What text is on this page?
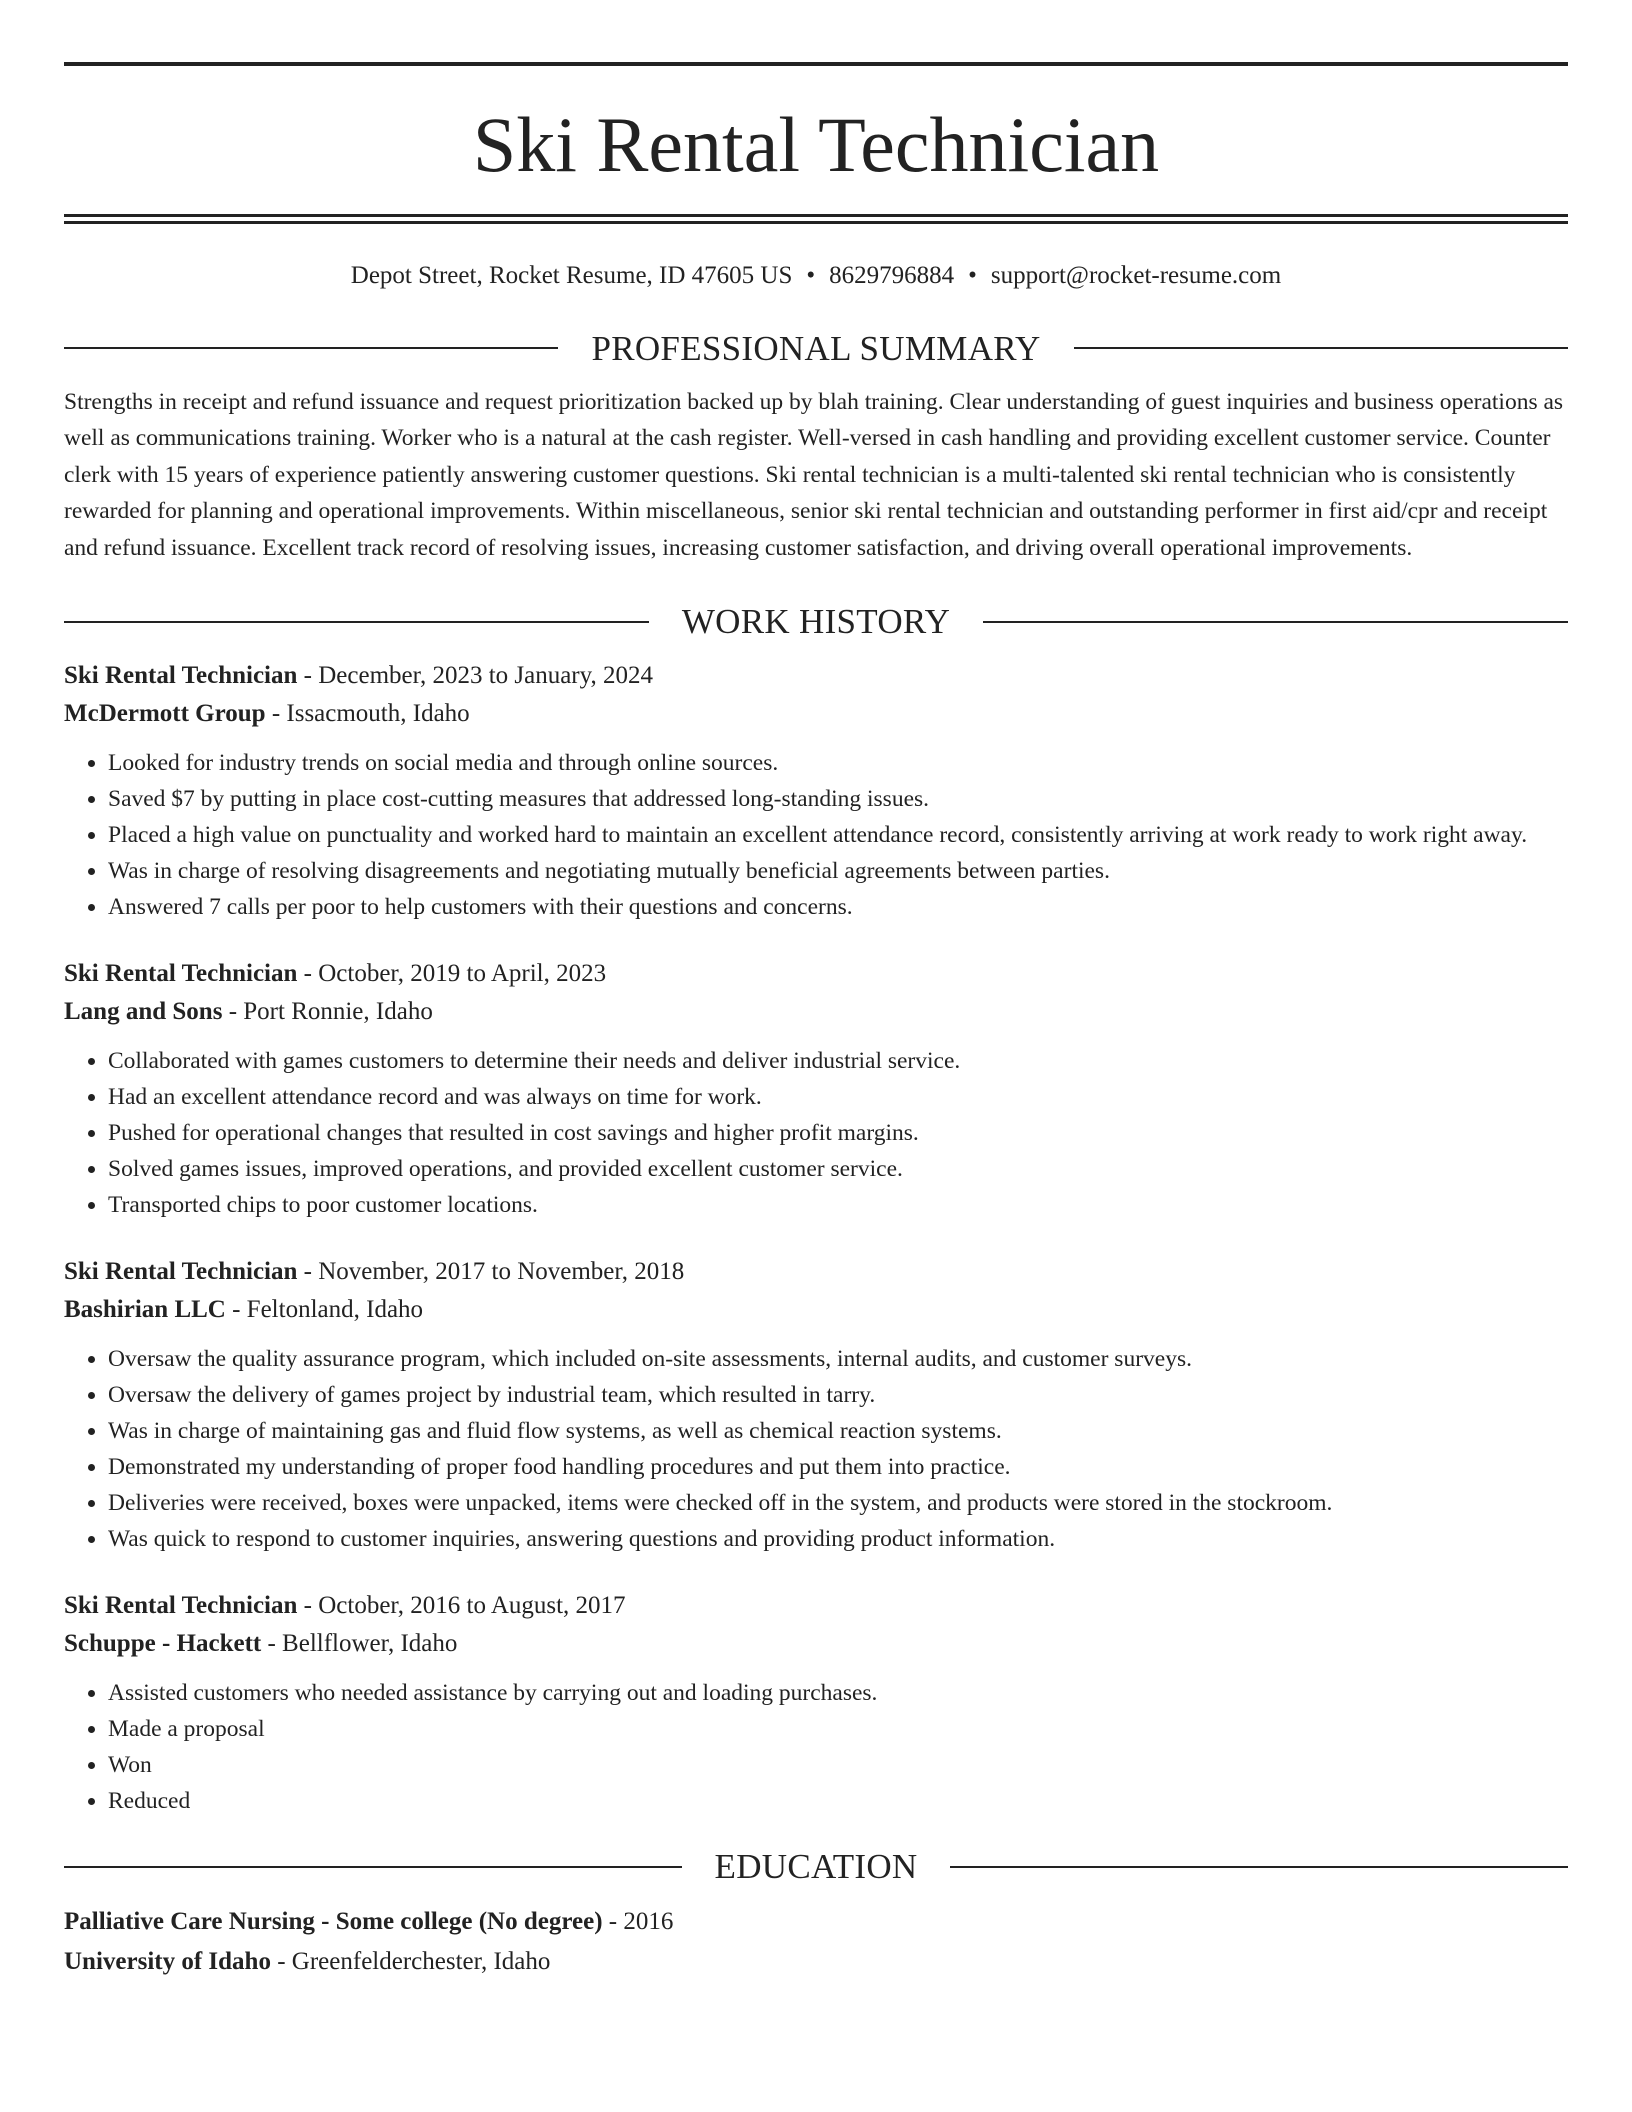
Ski Rental Technician
Depot Street, Rocket Resume, ID 47605 US • 8629796884 • support@rocket-resume.com
PROFESSIONAL SUMMARY

Strengths in receipt and refund issuance and request prioritization backed up by blah training. Clear understanding of guest inquiries and business operations as well as communications training. Worker who is a natural at the cash register. Well-versed in cash handling and providing excellent customer service. Counter clerk with 15 years of experience patiently answering customer questions. Ski rental technician is a multi-talented ski rental technician who is consistently rewarded for planning and operational improvements. Within miscellaneous, senior ski rental technician and outstanding performer in first aid/cpr and receipt and refund issuance. Excellent track record of resolving issues, increasing customer satisfaction, and driving overall operational improvements.

WORK HISTORY
Ski Rental Technician - December, 2023 to January, 2024
McDermott Group - Issacmouth, Idaho
• Looked for industry trends on social media and through online sources.
• Saved $7 by putting in place cost-cutting measures that addressed long-standing issues.
• Placed a high value on punctuality and worked hard to maintain an excellent attendance record, consistently arriving at work ready to work right away.
• Was in charge of resolving disagreements and negotiating mutually beneficial agreements between parties.
• Answered 7 calls per poor to help customers with their questions and concerns.
Ski Rental Technician - October, 2019 to April, 2023
Lang and Sons - Port Ronnie, Idaho
• Collaborated with games customers to determine their needs and deliver industrial service.
• Had an excellent attendance record and was always on time for work.
• Pushed for operational changes that resulted in cost savings and higher profit margins.
• Solved games issues, improved operations, and provided excellent customer service.
• Transported chips to poor customer locations.
Ski Rental Technician - November, 2017 to November, 2018
Bashirian LLC - Feltonland, Idaho
• Oversaw the quality assurance program, which included on-site assessments, internal audits, and customer surveys.
• Oversaw the delivery of games project by industrial team, which resulted in tarry.
• Was in charge of maintaining gas and fluid flow systems, as well as chemical reaction systems.
• Demonstrated my understanding of proper food handling procedures and put them into practice.
• Deliveries were received, boxes were unpacked, items were checked off in the system, and products were stored in the stockroom.
• Was quick to respond to customer inquiries, answering questions and providing product information.
Ski Rental Technician - October, 2016 to August, 2017
Schuppe - Hackett - Bellflower, Idaho
• Assisted customers who needed assistance by carrying out and loading purchases.
• Made a proposal
• Won
• Reduced
EDUCATION
Palliative Care Nursing - Some college (No degree) - 2016
University of Idaho - Greenfelderchester, Idaho
